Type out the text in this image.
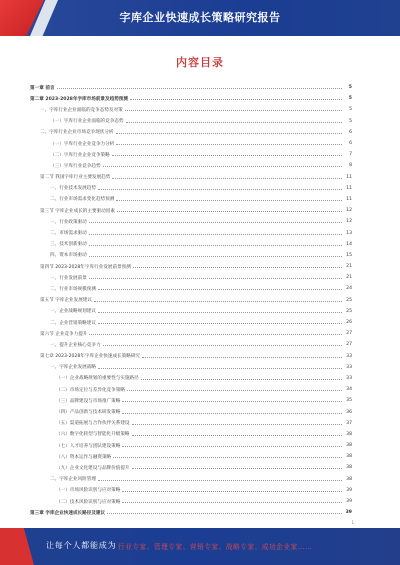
字库企业快速成长策略研究报告
内容目录
第一章 前言	5
第二章 2023-2028年字库市场前景及趋势预测	5
一、字库行业企业面临的竞争态势及对策	5
（一）字库行业企业面临的竞争态势	5
二、字库行业企业市场竞争现状分析	6
（一）字库行业企业竞争力分析	6
（二）字库行业企业竞争策略	7
（三）字库行业竞争趋势	8
第二节 我国字库行业主要发展趋势	11
一、行业技术发展趋势	11
二、行业市场需求变化趋势预测	11
第三节 字库企业成长的主要驱动因素	12
一、行业政策驱动	12
二、市场需求驱动	13
三、技术创新驱动	14
四、资本市场驱动	15
第四节 2023-2028年字库行业发展前景预测	21
一、行业发展前景	21
二、行业市场规模预测	24
第五节 字库企业发展建议	25
一、企业战略规划建议	25
二、企业营销策略建议	26
第六节 企业竞争力提升	27
一、提升企业核心竞争力	27
第七章 2023-2028年字库企业快速成长策略研究	33
一、字库企业发展战略	33
（一）企业战略规划的重要性与实施路径	33
（二）市场定位与差异化竞争策略	34
（三）品牌建设与市场推广策略	35
（四）产品创新与技术研发策略	36
（五）渠道拓展与合作伙伴关系建设	37
（六）数字化转型与智能化升级策略	38
（七）人才培养与团队建设策略	38
（八）资本运作与融资策略	38
（九）企业文化建设与品牌价值提升	38
二、字库企业风险管理	38
（一）市场风险识别与应对策略	39
（二）技术风险识别与应对策略	39
第三章 字库企业快速成长路径及建议	39
1
让每个人都能成为 行业专家、管理专家、营销专家、战略专家、成功企业家……
